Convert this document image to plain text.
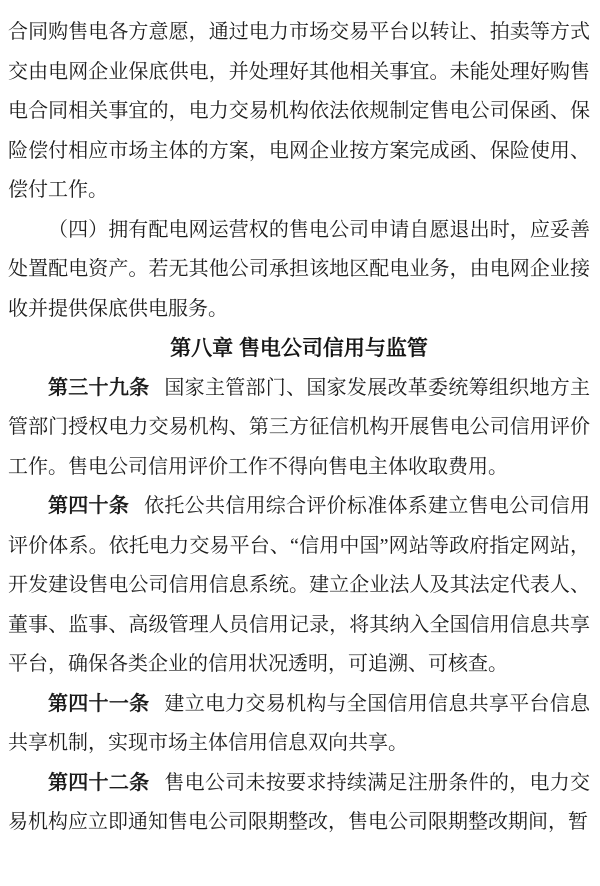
合同购售电各方意愿，通过电力市场交易平台以转让、拍卖等方式交由电网企业保底供电，并处理好其他相关事宜。未能处理好购售电合同相关事宜的，电力交易机构依法依规制定售电公司保函、保险偿付相应市场主体的方案，电网企业按方案完成函、保险使用、偿付工作。

（四）拥有配电网运营权的售电公司申请自愿退出时，应妥善处置配电资产。若无其他公司承担该地区配电业务，由电网企业接收并提供保底供电服务。

第八章 售电公司信用与监管

第三十九条 国家主管部门、国家发展改革委统筹组织地方主管部门授权电力交易机构、第三方征信机构开展售电公司信用评价工作。售电公司信用评价工作不得向售电主体收取费用。

第四十条 依托公共信用综合评价标准体系建立售电公司信用评价体系。依托电力交易平台、“信用中国”网站等政府指定网站，开发建设售电公司信用信息系统。建立企业法人及其法定代表人、董事、监事、高级管理人员信用记录，将其纳入全国信用信息共享平台，确保各类企业的信用状况透明，可追溯、可核查。

第四十一条 建立电力交易机构与全国信用信息共享平台信息共享机制，实现市场主体信用信息双向共享。

第四十二条 售电公司未按要求持续满足注册条件的，电力交易机构应立即通知售电公司限期整改，售电公司限期整改期间，暂
